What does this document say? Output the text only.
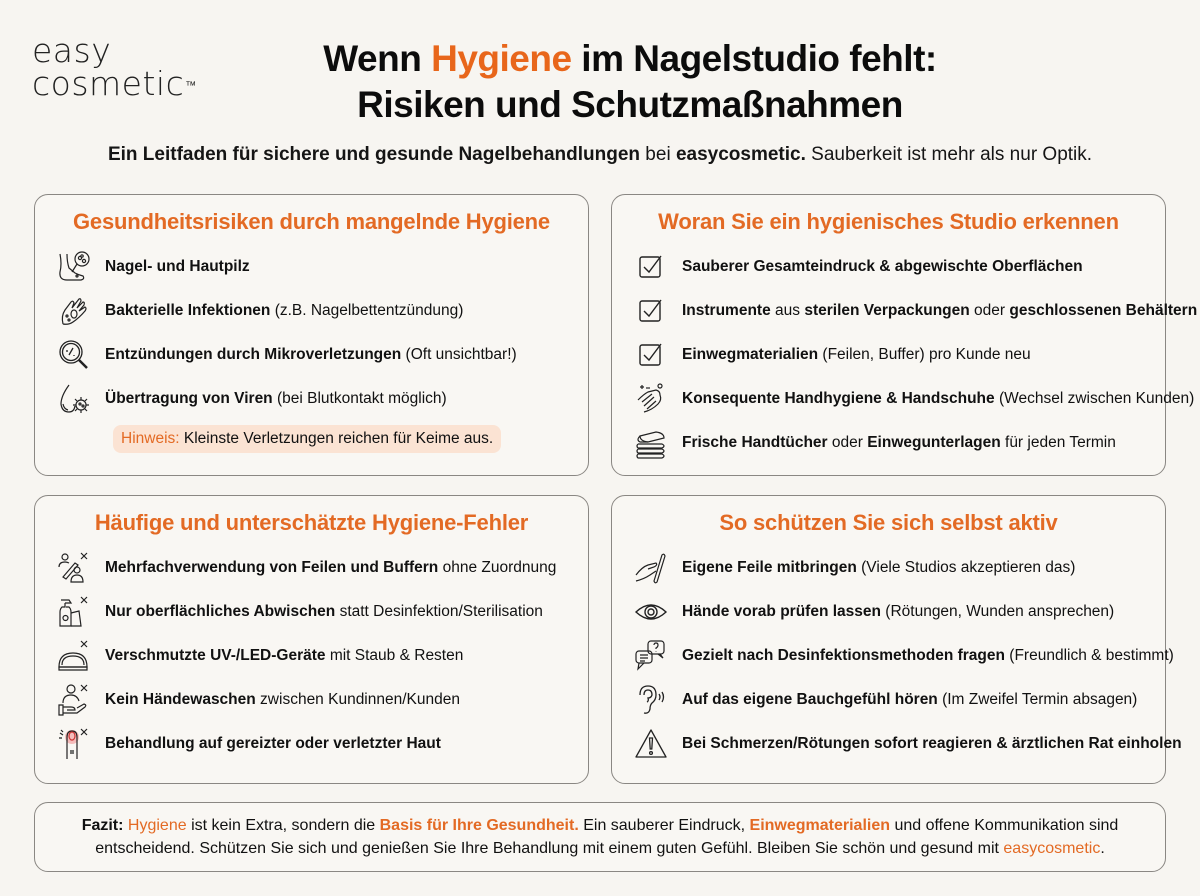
easy
cosmetic™
Wenn Hygiene im Nagelstudio fehlt:
Risiken und Schutzmaßnahmen
Ein Leitfaden für sichere und gesunde Nagelbehandlungen bei easycosmetic. Sauberkeit ist mehr als nur Optik.
Gesundheitsrisiken durch mangelnde Hygiene
Nagel- und Hautpilz
Bakterielle Infektionen (z.B. Nagelbettentzündung)
Entzündungen durch Mikroverletzungen (Oft unsichtbar!)
Übertragung von Viren (bei Blutkontakt möglich)
Hinweis: Kleinste Verletzungen reichen für Keime aus.
Woran Sie ein hygienisches Studio erkennen
Sauberer Gesamteindruck & abgewischte Oberflächen
Instrumente aus sterilen Verpackungen oder geschlossenen Behältern
Einwegmaterialien (Feilen, Buffer) pro Kunde neu
Konsequente Handhygiene & Handschuhe (Wechsel zwischen Kunden)
Frische Handtücher oder Einwegunterlagen für jeden Termin
Häufige und unterschätzte Hygiene-Fehler
Mehrfachverwendung von Feilen und Buffern ohne Zuordnung
Nur oberflächliches Abwischen statt Desinfektion/Sterilisation
Verschmutzte UV-/LED-Geräte mit Staub & Resten
Kein Händewaschen zwischen Kundinnen/Kunden
Behandlung auf gereizter oder verletzter Haut
So schützen Sie sich selbst aktiv
Eigene Feile mitbringen (Viele Studios akzeptieren das)
Hände vorab prüfen lassen (Rötungen, Wunden ansprechen)
Gezielt nach Desinfektionsmethoden fragen (Freundlich & bestimmt)
Auf das eigene Bauchgefühl hören (Im Zweifel Termin absagen)
Bei Schmerzen/Rötungen sofort reagieren & ärztlichen Rat einholen
Fazit: Hygiene ist kein Extra, sondern die Basis für Ihre Gesundheit. Ein sauberer Eindruck, Einwegmaterialien und offene Kommunikation sind
entscheidend. Schützen Sie sich und genießen Sie Ihre Behandlung mit einem guten Gefühl. Bleiben Sie schön und gesund mit easycosmetic.
